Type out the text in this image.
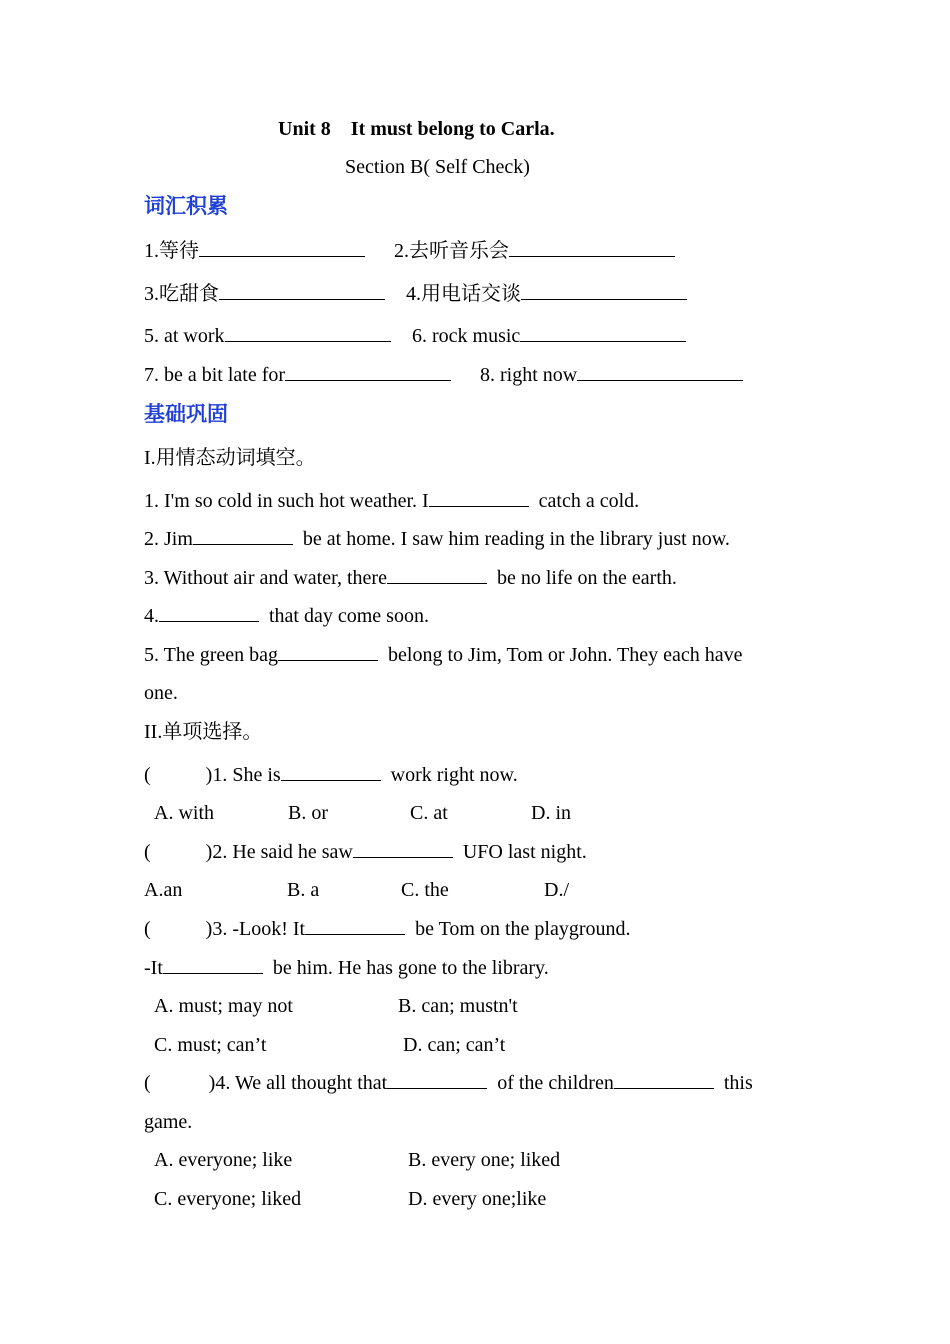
Unit 8    It must belong to Carla.
Section B( Self Check)
词汇积累
1.等待	2.去听音乐会
3.吃甜食	4.用电话交谈
5. at work	6. rock music
7. be a bit late for	8. right now
基础巩固
I.用情态动词填空。
1. I'm so cold in such hot weather. I	catch a cold.
2. Jim	be at home. I saw him reading in the library just now.
3. Without air and water, there	be no life on the earth.
4.	that day come soon.
5. The green bag	belong to Jim, Tom or John. They each have
one.
II.单项选择。
(	)1. She is	work right now.
A. with	B. or	C. at	D. in
(	)2. He said he saw	UFO last night.
A.an	B. a	C. the	D./
(	)3. -Look! It	be Tom on the playground.
-It	be him. He has gone to the library.
A. must; may not	B. can; mustn't
C. must; can’t	D. can; can’t
(	)4. We all thought that	of the children	this
game.
A. everyone; like	B. every one; liked
C. everyone; liked	D. every one;like
